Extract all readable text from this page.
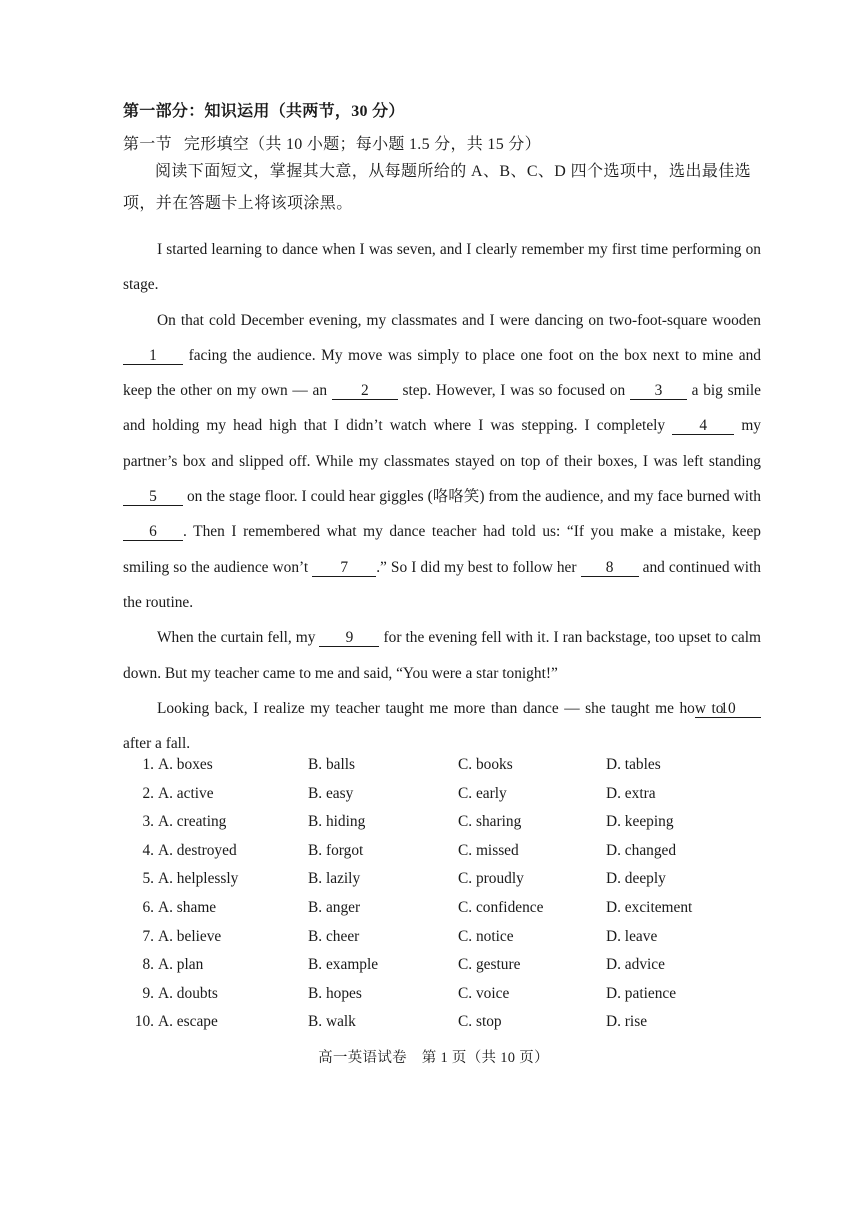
第一部分：知识运用（共两节，30 分）
第一节 完形填空（共 10 小题；每小题 1.5 分，共 15 分）
阅读下面短文，掌握其大意，从每题所给的 A、B、C、D 四个选项中，选出最佳选项，并在答题卡上将该项涂黑。

I started learning to dance when I was seven, and I clearly remember my first time performing on stage.

On that cold December evening, my classmates and I were dancing on two-foot-square wooden 1 facing the audience. My move was simply to place one foot on the box next to mine and keep the other on my own — an 2 step. However, I was so focused on 3 a big smile and holding my head high that I didn’t watch where I was stepping. I completely 4 my partner’s box and slipped off. While my classmates stayed on top of their boxes, I was left standing 5 on the stage floor. I could hear giggles (咯咯笑) from the audience, and my face burned with 6 . Then I remembered what my dance teacher had told us: “If you make a mistake, keep smiling so the audience won’t 7 .” So I did my best to follow her 8 and continued with the routine.

When the curtain fell, my 9 for the evening fell with it. I ran backstage, too upset to calm down. But my teacher came to me and said, “You were a star tonight!”

Looking back, I realize my teacher taught me more than dance — she taught me how to 10 after a fall.

1. A. boxes	B. balls	C. books	D. tables
2. A. active	B. easy	C. early	D. extra
3. A. creating	B. hiding	C. sharing	D. keeping
4. A. destroyed	B. forgot	C. missed	D. changed
5. A. helplessly	B. lazily	C. proudly	D. deeply
6. A. shame	B. anger	C. confidence	D. excitement
7. A. believe	B. cheer	C. notice	D. leave
8. A. plan	B. example	C. gesture	D. advice
9. A. doubts	B. hopes	C. voice	D. patience
10. A. escape	B. walk	C. stop	D. rise
高一英语试卷　第 1 页（共 10 页）
